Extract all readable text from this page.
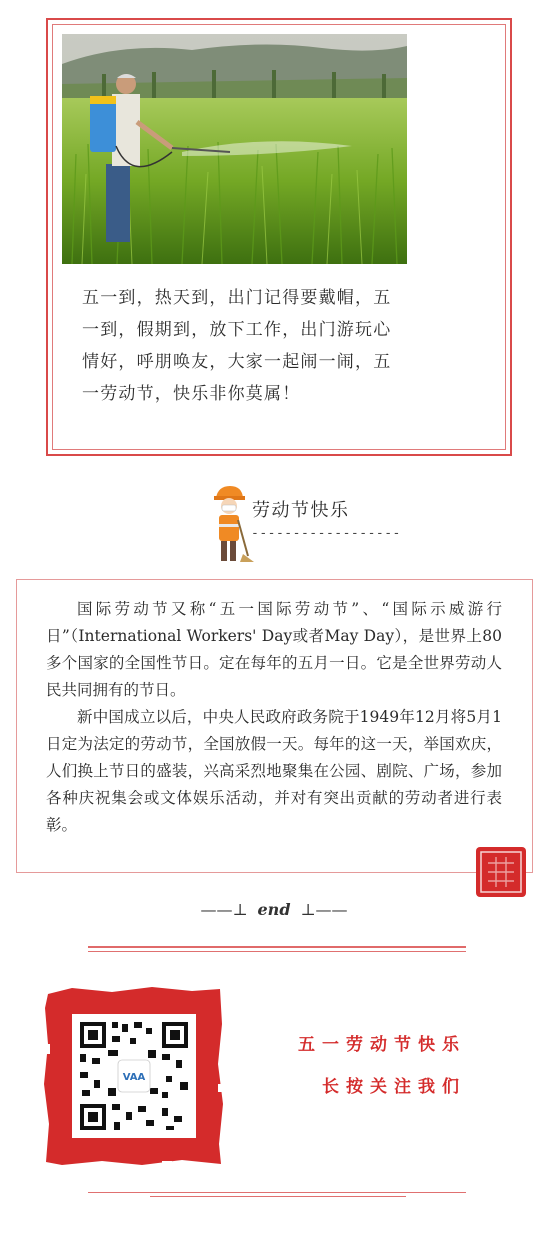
五一到，热天到，出门记得要戴帽，五
一到，假期到，放下工作，出门游玩心
情好，呼朋唤友，大家一起闹一闹，五
一劳动节，快乐非你莫属！
劳动节快乐
------------------

国际劳动节又称“五一国际劳动节”、“国际示威游行日”（International Workers' Day或者May Day），是世界上80多个国家的全国性节日。定在每年的五月一日。它是全世界劳动人民共同拥有的节日。

新中国成立以后，中央人民政府政务院于1949年12月将5月1日定为法定的劳动节，全国放假一天。每年的这一天，举国欢庆，人们换上节日的盛装，兴高采烈地聚集在公园、剧院、广场，参加各种庆祝集会或文体娱乐活动，并对有突出贡献的劳动者进行表彰。

——⊥ end ⊥——
VAA
五一劳动节快乐
长按关注我们
